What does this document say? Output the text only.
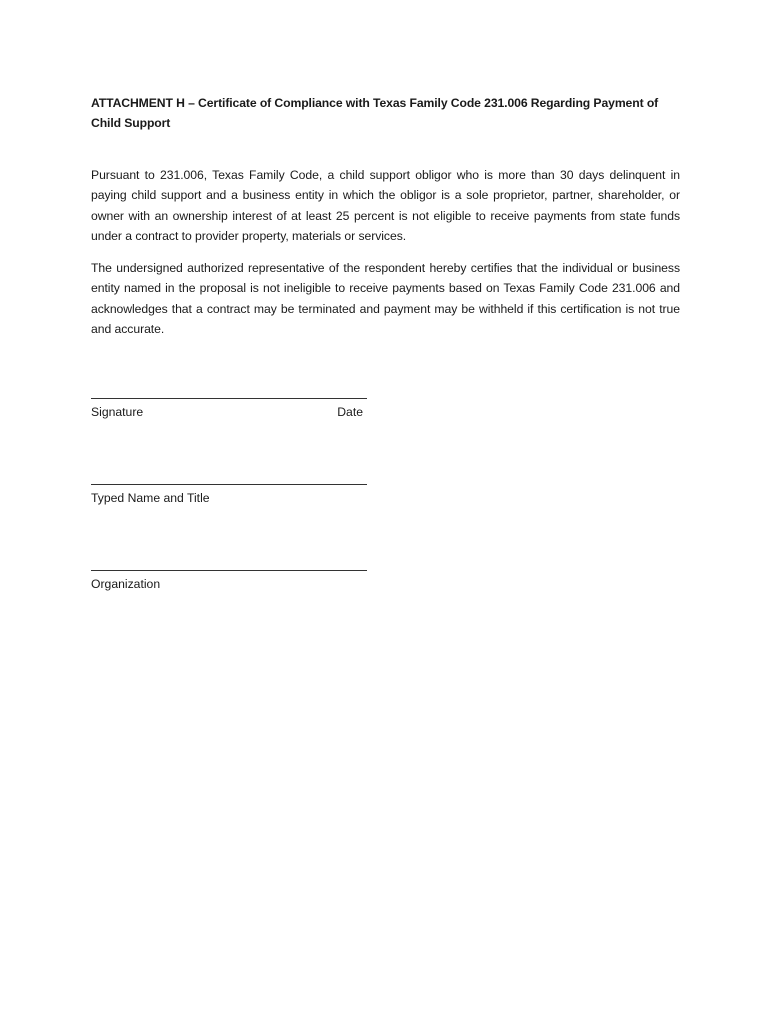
ATTACHMENT H – Certificate of Compliance with Texas Family Code 231.006 Regarding Payment of Child Support

Pursuant to 231.006, Texas Family Code, a child support obligor who is more than 30 days delinquent in paying child support and a business entity in which the obligor is a sole proprietor, partner, shareholder, or owner with an ownership interest of at least 25 percent is not eligible to receive payments from state funds under a contract to provider property, materials or services.

The undersigned authorized representative of the respondent hereby certifies that the individual or business entity named in the proposal is not ineligible to receive payments based on Texas Family Code 231.006 and acknowledges that a contract may be terminated and payment may be withheld if this certification is not true and accurate.

Signature	Date
Typed Name and Title
Organization
